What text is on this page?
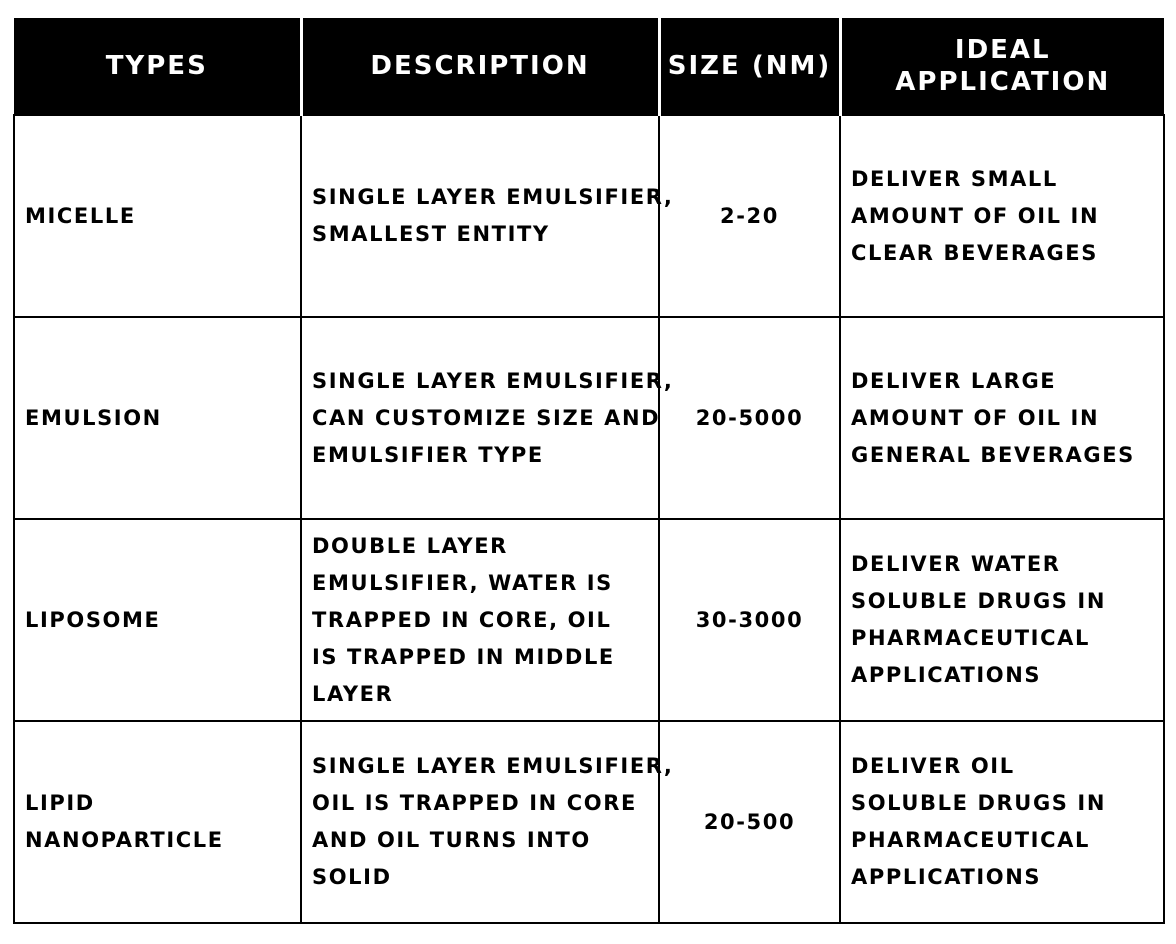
TYPES	DESCRIPTION	SIZE (NM)	IDEAL
APPLICATION

MICELLE	SINGLE LAYER EMULSIFIER,
SMALLEST ENTITY	2-20	DELIVER SMALL
AMOUNT OF OIL IN
CLEAR BEVERAGES

EMULSION	SINGLE LAYER EMULSIFIER,
CAN CUSTOMIZE SIZE AND
EMULSIFIER TYPE	20-5000	DELIVER LARGE
AMOUNT OF OIL IN
GENERAL BEVERAGES

LIPOSOME	DOUBLE LAYER
EMULSIFIER, WATER IS
TRAPPED IN CORE, OIL
IS TRAPPED IN MIDDLE
LAYER	30-3000	DELIVER WATER
SOLUBLE DRUGS IN
PHARMACEUTICAL
APPLICATIONS

LIPID
NANOPARTICLE	SINGLE LAYER EMULSIFIER,
OIL IS TRAPPED IN CORE
AND OIL TURNS INTO
SOLID	20-500	DELIVER OIL
SOLUBLE DRUGS IN
PHARMACEUTICAL
APPLICATIONS
